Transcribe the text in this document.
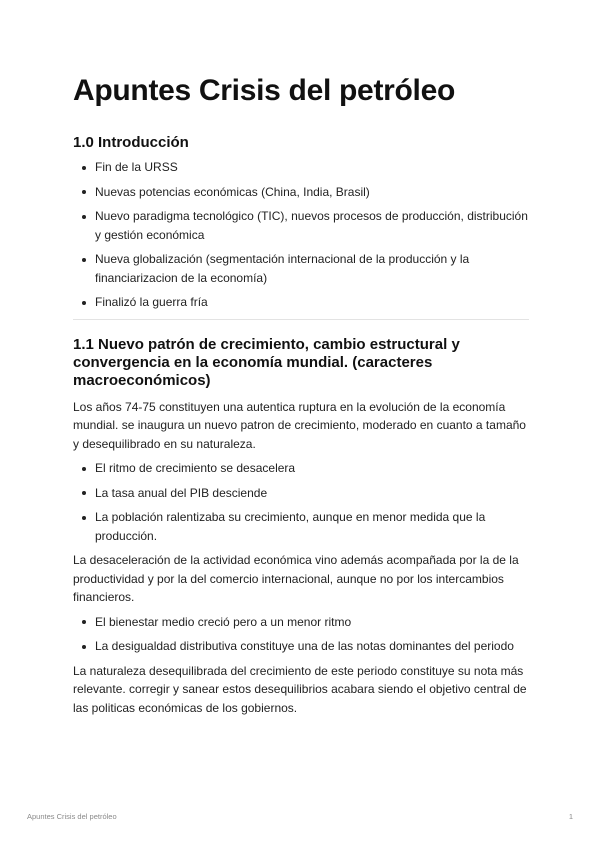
Apuntes Crisis del petróleo
1.0 Introducción
Fin de la URSS
Nuevas potencias económicas (China, India, Brasil)
Nuevo paradigma tecnológico (TIC), nuevos procesos de producción, distribución y gestión económica
Nueva globalización (segmentación internacional de la producción y la financiarizacion de la economía)
Finalizó la guerra fría
1.1 Nuevo patrón de crecimiento, cambio estructural y convergencia en la economía mundial. (caracteres macroeconómicos)

Los años 74-75 constituyen una autentica ruptura en la evolución de la economía mundial. se inaugura un nuevo patron de crecimiento, moderado en cuanto a tamaño y desequilibrado en su naturaleza.

El ritmo de crecimiento se desacelera
La tasa anual del PIB desciende
La población ralentizaba su crecimiento, aunque en menor medida que la producción.

La desaceleración de la actividad económica vino además acompañada por la de la productividad y por la del comercio internacional, aunque no por los intercambios financieros.

El bienestar medio creció pero a un menor ritmo
La desigualdad distributiva constituye una de las notas dominantes del periodo

La naturaleza desequilibrada del crecimiento de este periodo constituye su nota más relevante. corregir y sanear estos desequilibrios acabara siendo el objetivo central de las politicas económicas de los gobiernos.

Apuntes Crisis del petróleo	1
